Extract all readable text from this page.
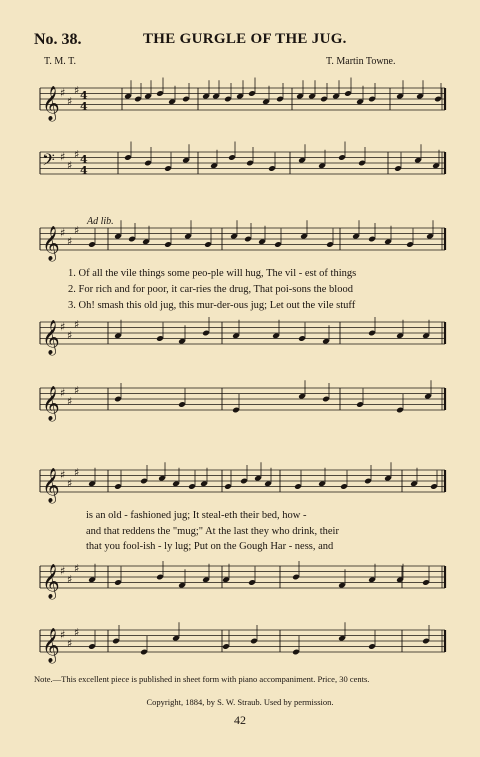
No. 38.	THE GURGLE OF THE JUG.
T. M. T.	T. Martin Towne.
Ad lib.
1. Of all the vile things some peo-ple will hug, The vil - est of things
2. For rich and for poor, it car-ries the drug, That poi-sons the blood
3. Oh! smash this old jug, this mur-der-ous jug; Let out the vile stuff
is an old - fashioned jug; It steal-eth their bed, how -
and that reddens the "mug;" At the last they who drink, their
that you fool-ish - ly lug; Put on the Gough Har - ness, and
Note.—This excellent piece is published in sheet form with piano accompaniment. Price, 30 cents.
Copyright, 1884, by S. W. Straub. Used by permission.
42
𝄞 ♯
♯
♯ 4
4
𝄢 ♯
♯
♯ 4
4
𝄞 ♯
♯
♯
𝄞 ♯
♯
♯
𝄞 ♯
♯
♯
𝄞 ♯
♯
♯
𝄞 ♯
♯
♯
𝄞 ♯
♯
♯
